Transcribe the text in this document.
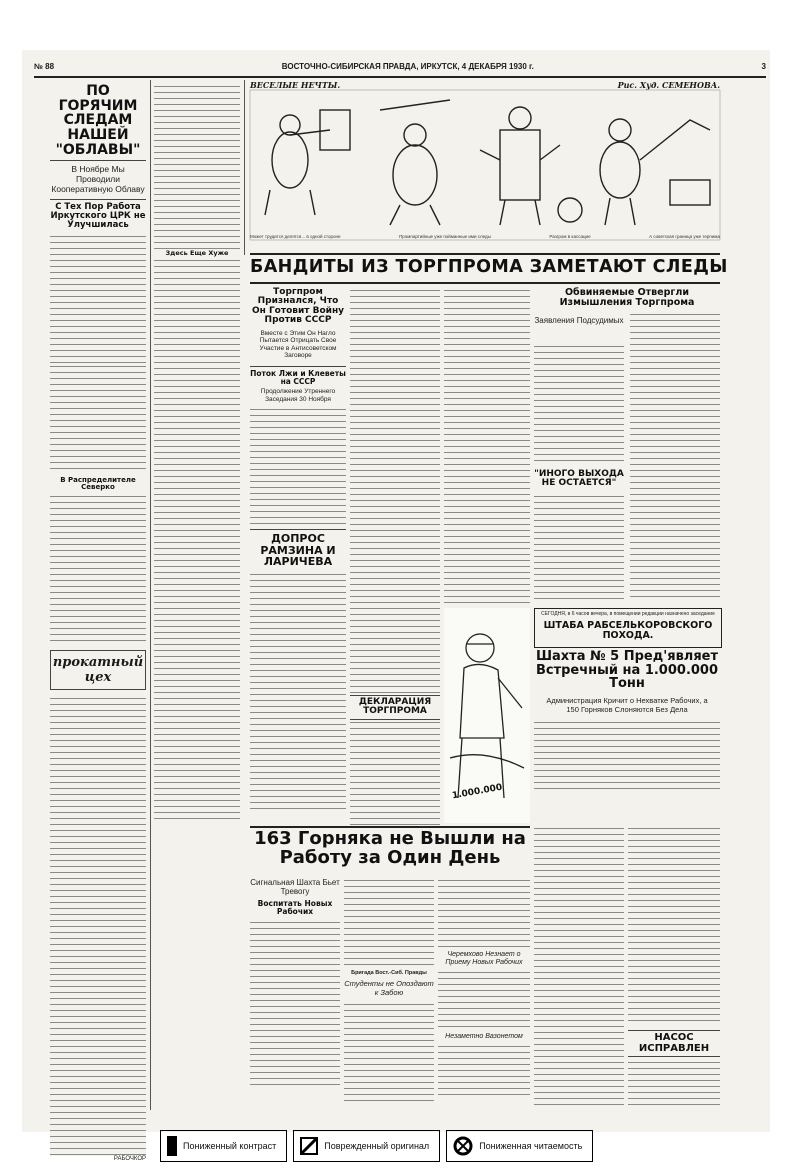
№ 88	ВОСТОЧНО-СИБИРСКАЯ ПРАВДА, ИРКУТСК, 4 ДЕКАБРЯ 1930 г.	3
ПО ГОРЯЧИМ СЛЕДАМ НАШЕЙ "ОБЛАВЫ"
В Ноябре Мы Проводили Кооперативную Облаву
С Тех Пор Работа Иркутского ЦРК не Улучшилась
В Распределителе Северко
прокатный цех
РАБОЧКОР
Здесь Еще Хуже
ВЕСЕЛЫЕ НЕЧТЫ.	Рис. Худ. СЕМЕНОВА.
Может трудится делятся... в одной стороне	Промпартийные уже пойманные ими следы	Разгром в кассацие	А советская граница уже терпима
БАНДИТЫ ИЗ ТОРГПРОМА ЗАМЕТАЮТ СЛЕДЫ
Торгпром Признался, Что Он Готовит Войну Против СССР
Вместе с Этим Он Нагло Пытается Отрицать Свое Участие в Антисоветском Заговоре
Поток Лжи и Клеветы на СССР
Продолжение Утреннего Заседания 30 Ноября
ДОПРОС РАМЗИНА И ЛАРИЧЕВА
ДЕКЛАРАЦИЯ ТОРГПРОМА
Обвиняемые Отвергли Измышления Торгпрома
Заявления Подсудимых
"ИНОГО ВЫХОДА НЕ ОСТАЕТСЯ"
СЕГОДНЯ, в 6 часов вечера, в помещении редакции назначено заседание
ШТАБА РАБСЕЛЬКОРОВСКОГО ПОХОДА.
1.000.000
Шахта № 5 Пред'являет Встречный на 1.000.000 Тонн
Администрация Кричит о Нехватке Рабочих, а 150 Горняков Слоняются Без Дела
163 Горняка не Вышли на Работу за Один День
Сигнальная Шахта Бьет Тревогу
Воспитать Новых Рабочих
Бригада Вост.-Сиб. Правды
Студенты не Опоздают к Забою
Черемхово Незнает о Приему Новых Рабочих
Незаметно Вазонетом	НАСОС ИСПРАВЛЕН
Пониженный контраст	Поврежденный оригинал	Пониженная читаемость
